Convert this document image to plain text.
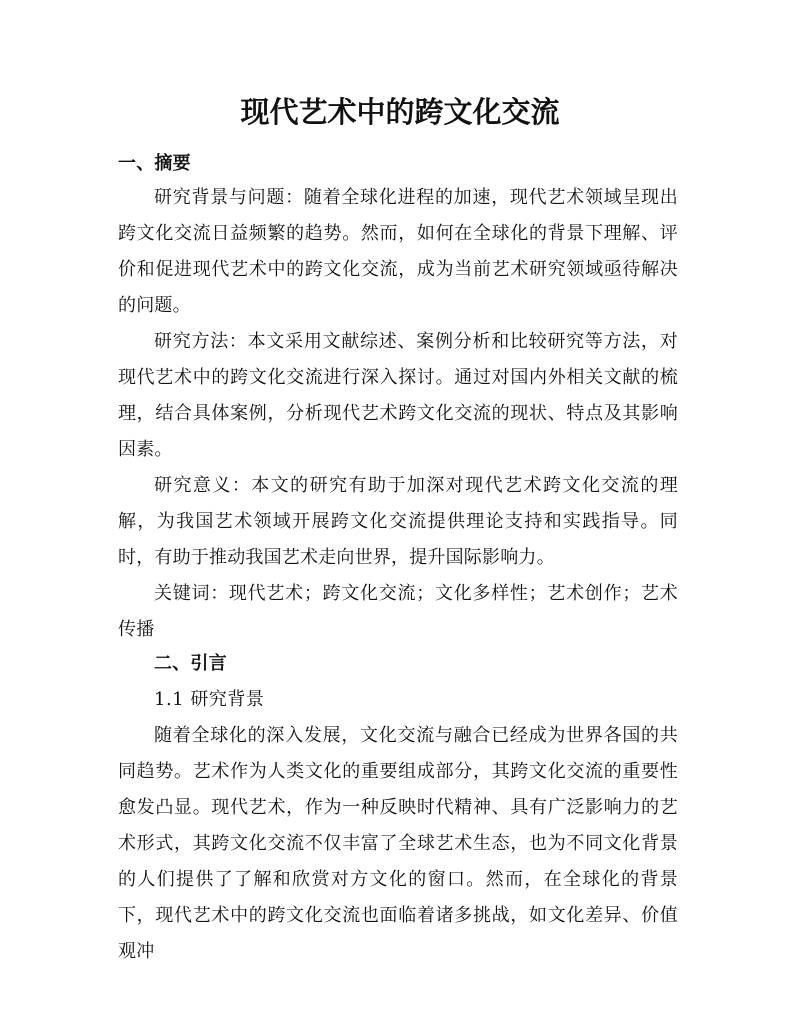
现代艺术中的跨文化交流
一、摘要
研究背景与问题：随着全球化进程的加速，现代艺术领域呈现出跨文化交流日益频繁的趋势。然而，如何在全球化的背景下理解、评价和促进现代艺术中的跨文化交流，成为当前艺术研究领域亟待解决的问题。
研究方法：本文采用文献综述、案例分析和比较研究等方法，对现代艺术中的跨文化交流进行深入探讨。通过对国内外相关文献的梳理，结合具体案例，分析现代艺术跨文化交流的现状、特点及其影响因素。
研究意义：本文的研究有助于加深对现代艺术跨文化交流的理解，为我国艺术领域开展跨文化交流提供理论支持和实践指导。同时，有助于推动我国艺术走向世界，提升国际影响力。
关键词：现代艺术；跨文化交流；文化多样性；艺术创作；艺术传播
二、引言
1.1 研究背景
随着全球化的深入发展，文化交流与融合已经成为世界各国的共同趋势。艺术作为人类文化的重要组成部分，其跨文化交流的重要性愈发凸显。现代艺术，作为一种反映时代精神、具有广泛影响力的艺术形式，其跨文化交流不仅丰富了全球艺术生态，也为不同文化背景的人们提供了了解和欣赏对方文化的窗口。然而，在全球化的背景下，现代艺术中的跨文化交流也面临着诸多挑战，如文化差异、价值观冲
